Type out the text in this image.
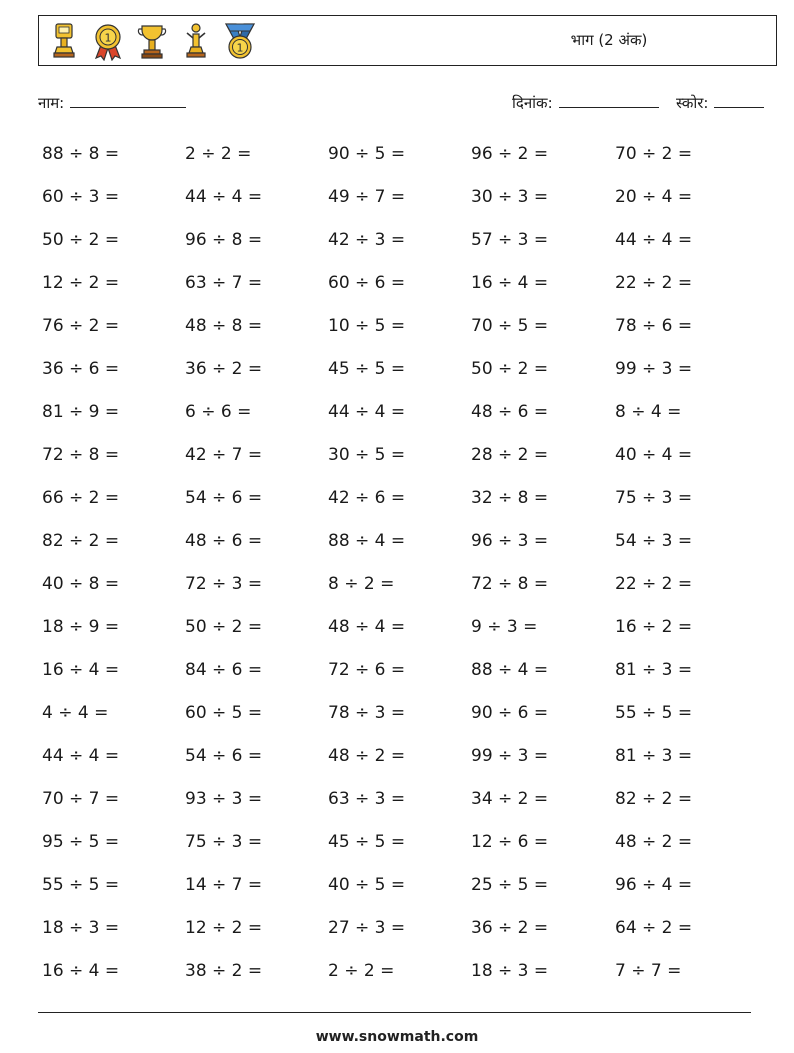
1
1	भाग (2 अंक)
नाम:	दिनांक:	स्कोर:
88 ÷ 8 =	2 ÷ 2 =	90 ÷ 5 =	96 ÷ 2 =	70 ÷ 2 =
60 ÷ 3 =	44 ÷ 4 =	49 ÷ 7 =	30 ÷ 3 =	20 ÷ 4 =
50 ÷ 2 =	96 ÷ 8 =	42 ÷ 3 =	57 ÷ 3 =	44 ÷ 4 =
12 ÷ 2 =	63 ÷ 7 =	60 ÷ 6 =	16 ÷ 4 =	22 ÷ 2 =
76 ÷ 2 =	48 ÷ 8 =	10 ÷ 5 =	70 ÷ 5 =	78 ÷ 6 =
36 ÷ 6 =	36 ÷ 2 =	45 ÷ 5 =	50 ÷ 2 =	99 ÷ 3 =
81 ÷ 9 =	6 ÷ 6 =	44 ÷ 4 =	48 ÷ 6 =	8 ÷ 4 =
72 ÷ 8 =	42 ÷ 7 =	30 ÷ 5 =	28 ÷ 2 =	40 ÷ 4 =
66 ÷ 2 =	54 ÷ 6 =	42 ÷ 6 =	32 ÷ 8 =	75 ÷ 3 =
82 ÷ 2 =	48 ÷ 6 =	88 ÷ 4 =	96 ÷ 3 =	54 ÷ 3 =
40 ÷ 8 =	72 ÷ 3 =	8 ÷ 2 =	72 ÷ 8 =	22 ÷ 2 =
18 ÷ 9 =	50 ÷ 2 =	48 ÷ 4 =	9 ÷ 3 =	16 ÷ 2 =
16 ÷ 4 =	84 ÷ 6 =	72 ÷ 6 =	88 ÷ 4 =	81 ÷ 3 =
4 ÷ 4 =	60 ÷ 5 =	78 ÷ 3 =	90 ÷ 6 =	55 ÷ 5 =
44 ÷ 4 =	54 ÷ 6 =	48 ÷ 2 =	99 ÷ 3 =	81 ÷ 3 =
70 ÷ 7 =	93 ÷ 3 =	63 ÷ 3 =	34 ÷ 2 =	82 ÷ 2 =
95 ÷ 5 =	75 ÷ 3 =	45 ÷ 5 =	12 ÷ 6 =	48 ÷ 2 =
55 ÷ 5 =	14 ÷ 7 =	40 ÷ 5 =	25 ÷ 5 =	96 ÷ 4 =
18 ÷ 3 =	12 ÷ 2 =	27 ÷ 3 =	36 ÷ 2 =	64 ÷ 2 =
16 ÷ 4 =	38 ÷ 2 =	2 ÷ 2 =	18 ÷ 3 =	7 ÷ 7 =
www.snowmath.com
